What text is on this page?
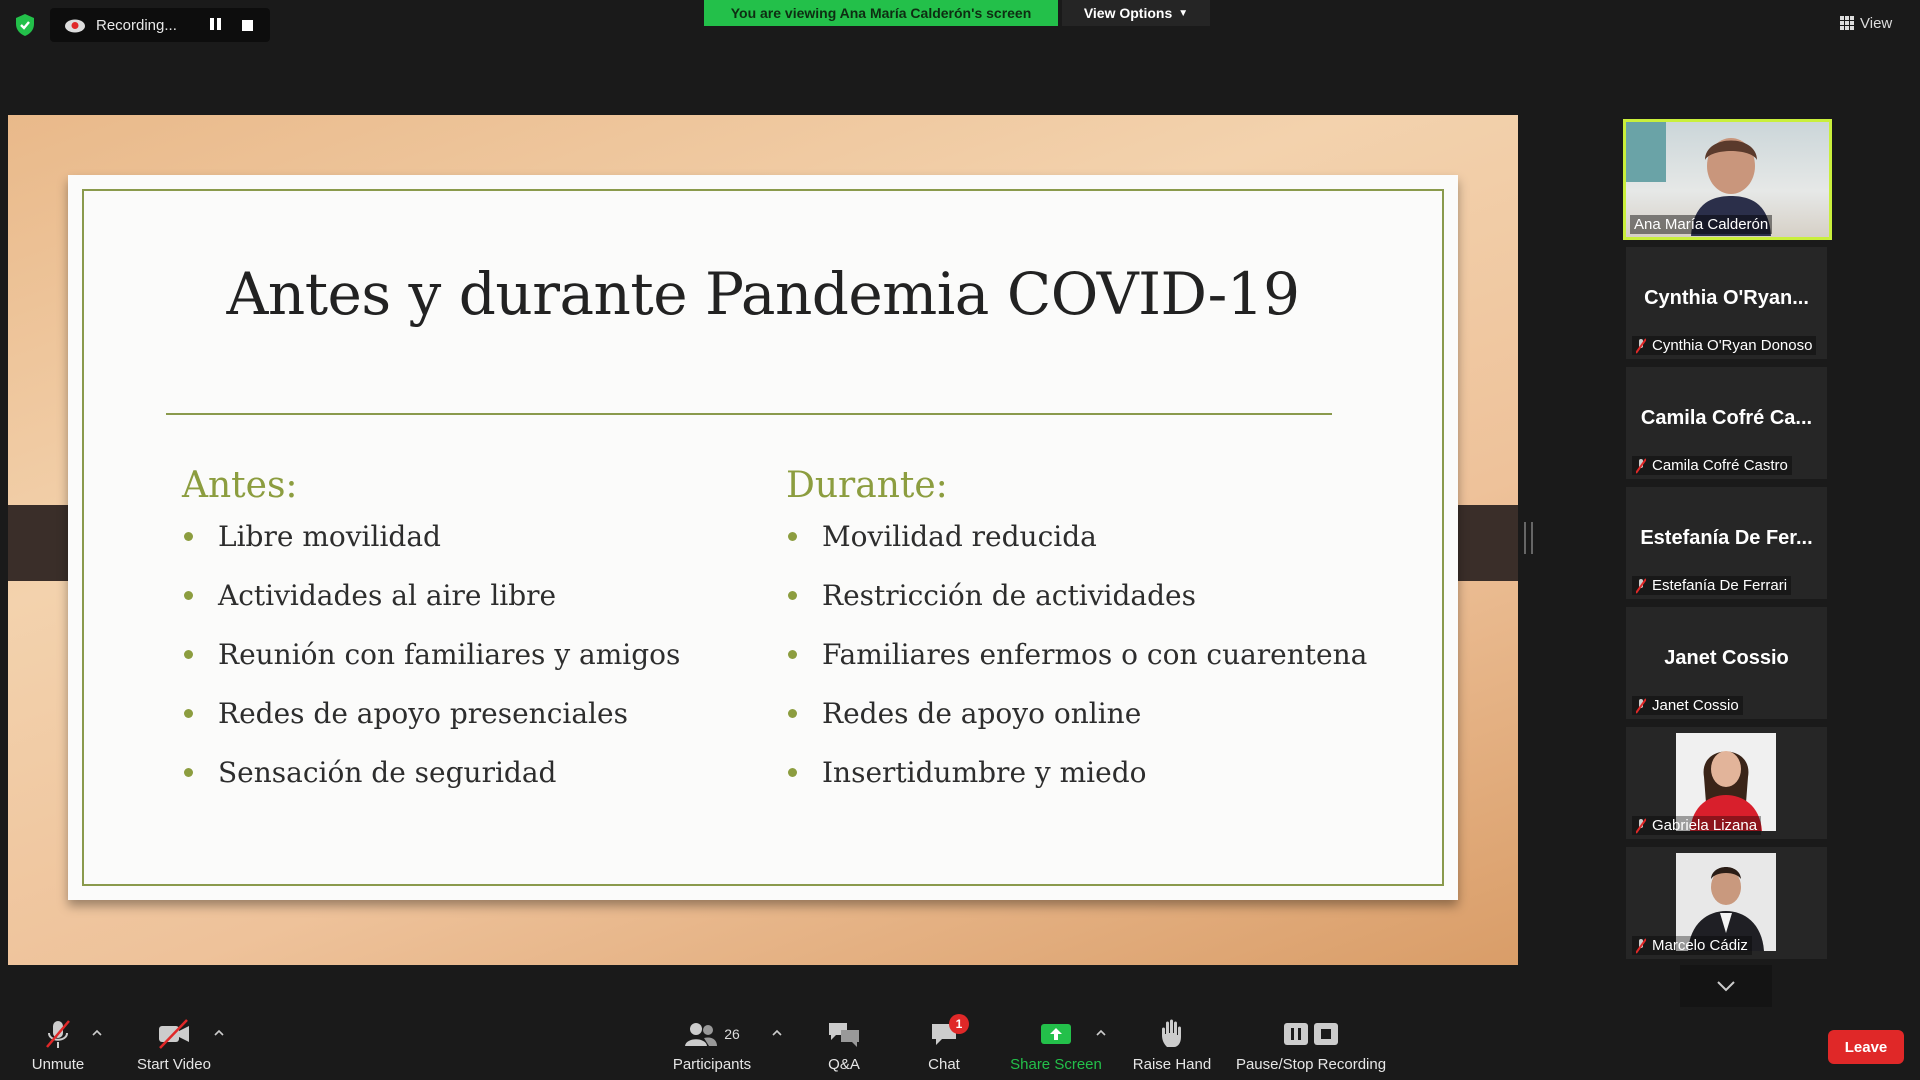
Recording...
You are viewing Ana María Calderón's screen	View Options ▼
View
Antes y durante Pandemia COVID-19
Antes:
Libre movilidad
Actividades al aire libre
Reunión con familiares y amigos
Redes de apoyo presenciales
Sensación de seguridad
Durante:
Movilidad reducida
Restricción de actividades
Familiares enfermos o con cuarentena
Redes de apoyo online
Insertidumbre y miedo
Ana María Calderón
Cynthia O'Ryan...
Cynthia O'Ryan Donoso
Camila Cofré Ca...
Camila Cofré Castro
Estefanía De Fer...
Estefanía De Ferrari
Janet Cossio
Janet Cossio
Gabriela Lizana
Marcelo Cádiz
Unmute	Start Video
26
Participants	Q&A
1
Chat	Share Screen Raise Hand Pause/Stop Recording
Leave
